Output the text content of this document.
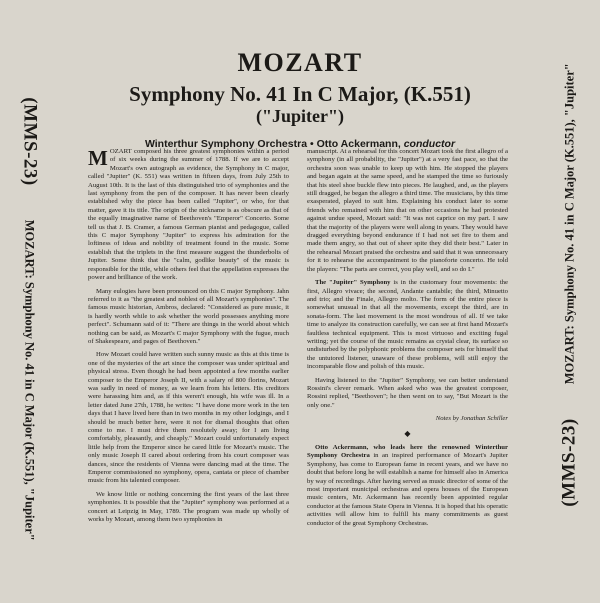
(MMS-23)
MOZART: Symphony No. 41 in C Major (K.551), "Jupiter"	(MMS-23)
MOZART: Symphony No. 41 in C Major (K.551), "Jupiter"
MOZART
Symphony No. 41 In C Major, (K.551)
("Jupiter")
Winterthur Symphony Orchestra • Otto Ackermann, conductor

MOZART composed his three greatest symphonies within a period of six weeks during the summer of 1788. If we are to accept Mozart's own autograph as evidence, the Symphony in C major, called "Jupiter" (K. 551) was written in fifteen days, from July 25th to August 10th. It is the last of this distinguished trio of symphonies and the last symphony from the pen of the composer. It has never been clearly established why the piece has been called "Jupiter", or who, for that matter, gave it its title. The origin of the nickname is as obscure as that of the equally imaginative name of Beethoven's "Emperor" Concerto. Some tell us that J. B. Cramer, a famous German pianist and pedagogue, called this C major Symphony "Jupiter" to express his admiration for the loftiness of ideas and nobility of treatment found in the music. Some establish that the triplets in the first measure suggest the thunderbolts of Jupiter. Some think that the "calm, godlike beauty" of the music is responsible for the title, while others feel that the appellation expresses the power and brilliance of the work.

Many eulogies have been pronounced on this C major Symphony. Jahn referred to it as "the greatest and noblest of all Mozart's symphonies". The famous music historian, Ambros, declared: "Considered as pure music, it is hardly worth while to ask whether the world possesses anything more perfect". Schumann said of it: "There are things in the world about which nothing can be said, as Mozart's C major Symphony with the fugue, much of Shakespeare, and pages of Beethoven."

How Mozart could have written such sunny music as this at this time is one of the mysteries of the art since the composer was under spiritual and physical stress. Even though he had been appointed a few months earlier composer to the Emperor Joseph II, with a salary of 800 florins, Mozart was sadly in need of money, as we learn from his letters. His creditors were harassing him and, as if this weren't enough, his wife was ill. In a letter dated June 27th, 1788, he writes: "I have done more work in the ten days that I have lived here than in two months in my other lodgings, and I should be much better here, were it not for dismal thoughts that often come to me. I must drive them resolutely away; for I am living comfortably, pleasantly, and cheaply." Mozart could unfortunately expect little help from the Emperor since he cared little for Mozart's music. The only music Joseph II cared about ordering from his court composer was dances, since the residents of Vienna were dancing mad at the time. The Emperor commissioned no symphony, opera, cantata or piece of chamber music from his talented composer.

We know little or nothing concerning the first years of the last three symphonies. It is possible that the "Jupiter" symphony was performed at a concert at Leipzig in May, 1789. The program was made up wholly of works by Mozart, among them two symphonies in

manuscript. At a rehearsal for this concert Mozart took the first allegro of a symphony (in all probability, the "Jupiter") at a very fast pace, so that the orchestra soon was unable to keep up with him. He stopped the players and began again at the same speed, and he stamped the time so furiously that his steel shoe buckle flew into pieces. He laughed, and, as the players still dragged, he began the allegro a third time. The musicians, by this time exasperated, played to suit him. Explaining his conduct later to some friends who remained with him that on other occasions he had protested against undue speed, Mozart said: "It was not caprice on my part. I saw that the majority of the players were well along in years. They would have dragged everything beyond endurance if I had not set fire to them and made them angry, so that out of sheer spite they did their best." Later in the rehearsal Mozart praised the orchestra and said that it was unnecessary for it to rehearse the accompaniment to the pianoforte concerto. He told the players: "The parts are correct, you play well, and so do I."

The "Jupiter" Symphony is in the customary four movements: the first, Allegro vivace; the second, Andante cantabile; the third, Minuetto and trio; and the Finale, Allegro molto. The form of the entire piece is somewhat unusual in that all the movements, except the third, are in sonata-form. The last movement is the most wondrous of all. If we take time to analyze its construction carefully, we can see at first hand Mozart's faultless technical equipment. This is most virtuoso and exciting fugal writing; yet the course of the music remains as crystal clear, its surface so undisturbed by the polyphonic problems the composer sets for himself that the untutored listener, unaware of these problems, will still enjoy the incomparable flow and polish of this music.

Having listened to the "Jupiter" Symphony, we can better understand Rossini's clever remark. When asked who was the greatest composer, Rossini replied, "Beethoven"; he then went on to say, "But Mozart is the only one."

Notes by Jonathan Schiller
◆

Otto Ackermann, who leads here the renowned Winterthur Symphony Orchestra in an inspired performance of Mozart's Jupiter Symphony, has come to European fame in recent years, and we have no doubt that before long he will establish a name for himself also in America by way of recordings. After having served as music director of some of the most important municipal orchestras and opera houses of the European music centers, Mr. Ackermann has recently been appointed regular conductor at the famous State Opera in Vienna. It is hoped that his operatic activities will allow him to fulfill his many commitments as guest conductor of the great Symphony Orchestras.
